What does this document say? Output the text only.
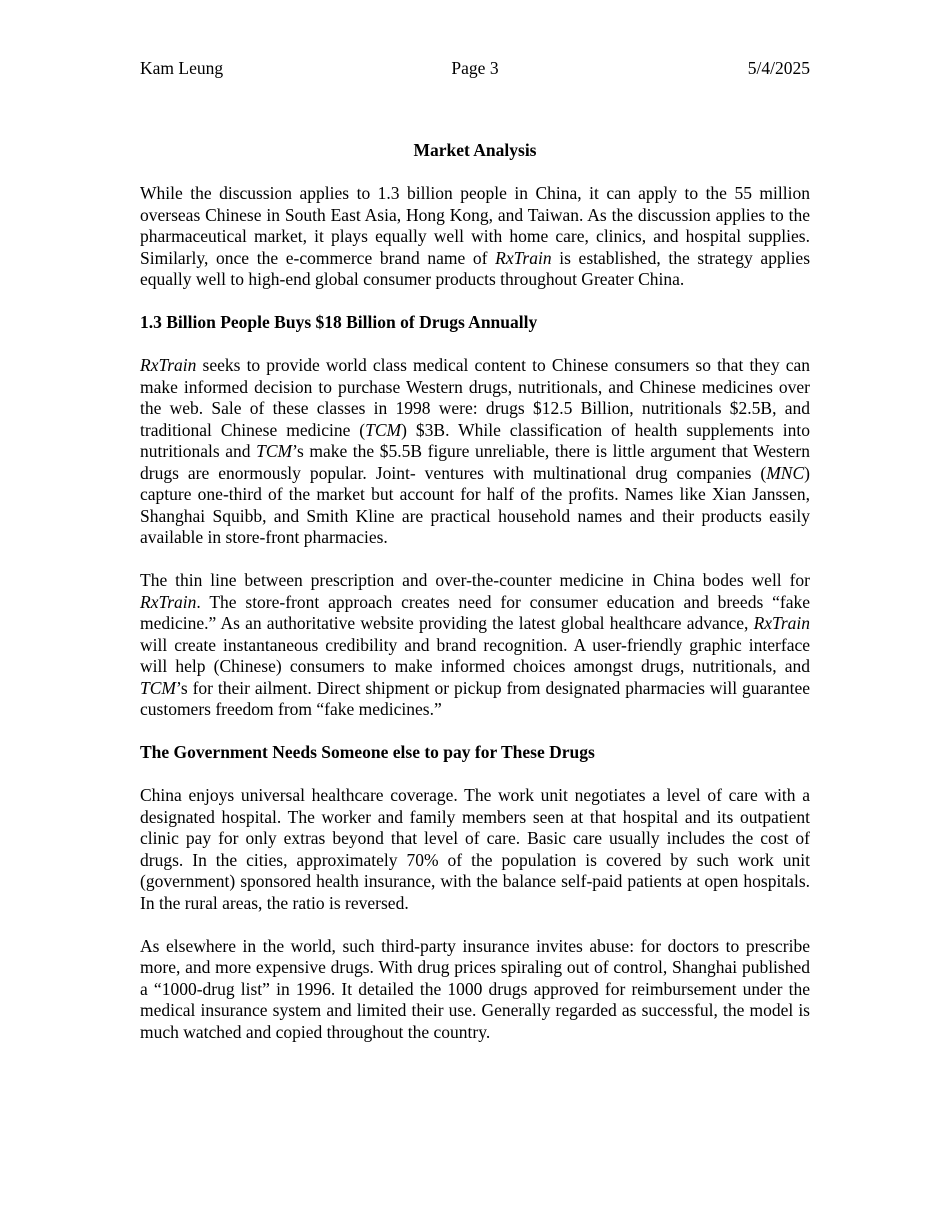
Kam Leung	Page 3	5/4/2025
Market Analysis

While the discussion applies to 1.3 billion people in China, it can apply to the 55 million overseas Chinese in South East Asia, Hong Kong, and Taiwan. As the discussion applies to the pharmaceutical market, it plays equally well with home care, clinics, and hospital supplies. Similarly, once the e-commerce brand name of RxTrain is established, the strategy applies equally well to high-end global consumer products throughout Greater China.

1.3 Billion People Buys $18 Billion of Drugs Annually

RxTrain seeks to provide world class medical content to Chinese consumers so that they can make informed decision to purchase Western drugs, nutritionals, and Chinese medicines over the web. Sale of these classes in 1998 were: drugs $12.5 Billion, nutritionals $2.5B, and traditional Chinese medicine (TCM) $3B. While classification of health supplements into nutritionals and TCM’s make the $5.5B figure unreliable, there is little argument that Western drugs are enormously popular. Joint- ventures with multinational drug companies (MNC) capture one-third of the market but account for half of the profits. Names like Xian Janssen, Shanghai Squibb, and Smith Kline are practical household names and their products easily available in store-front pharmacies.

The thin line between prescription and over-the-counter medicine in China bodes well for RxTrain. The store-front approach creates need for consumer education and breeds “fake medicine.” As an authoritative website providing the latest global healthcare advance, RxTrain will create instantaneous credibility and brand recognition. A user-friendly graphic interface will help (Chinese) consumers to make informed choices amongst drugs, nutritionals, and TCM’s for their ailment. Direct shipment or pickup from designated pharmacies will guarantee customers freedom from “fake medicines.”

The Government Needs Someone else to pay for These Drugs

China enjoys universal healthcare coverage. The work unit negotiates a level of care with a designated hospital. The worker and family members seen at that hospital and its outpatient clinic pay for only extras beyond that level of care. Basic care usually includes the cost of drugs. In the cities, approximately 70% of the population is covered by such work unit (government) sponsored health insurance, with the balance self-paid patients at open hospitals. In the rural areas, the ratio is reversed.

As elsewhere in the world, such third-party insurance invites abuse: for doctors to prescribe more, and more expensive drugs. With drug prices spiraling out of control, Shanghai published a “1000-drug list” in 1996. It detailed the 1000 drugs approved for reimbursement under the medical insurance system and limited their use. Generally regarded as successful, the model is much watched and copied throughout the country.
